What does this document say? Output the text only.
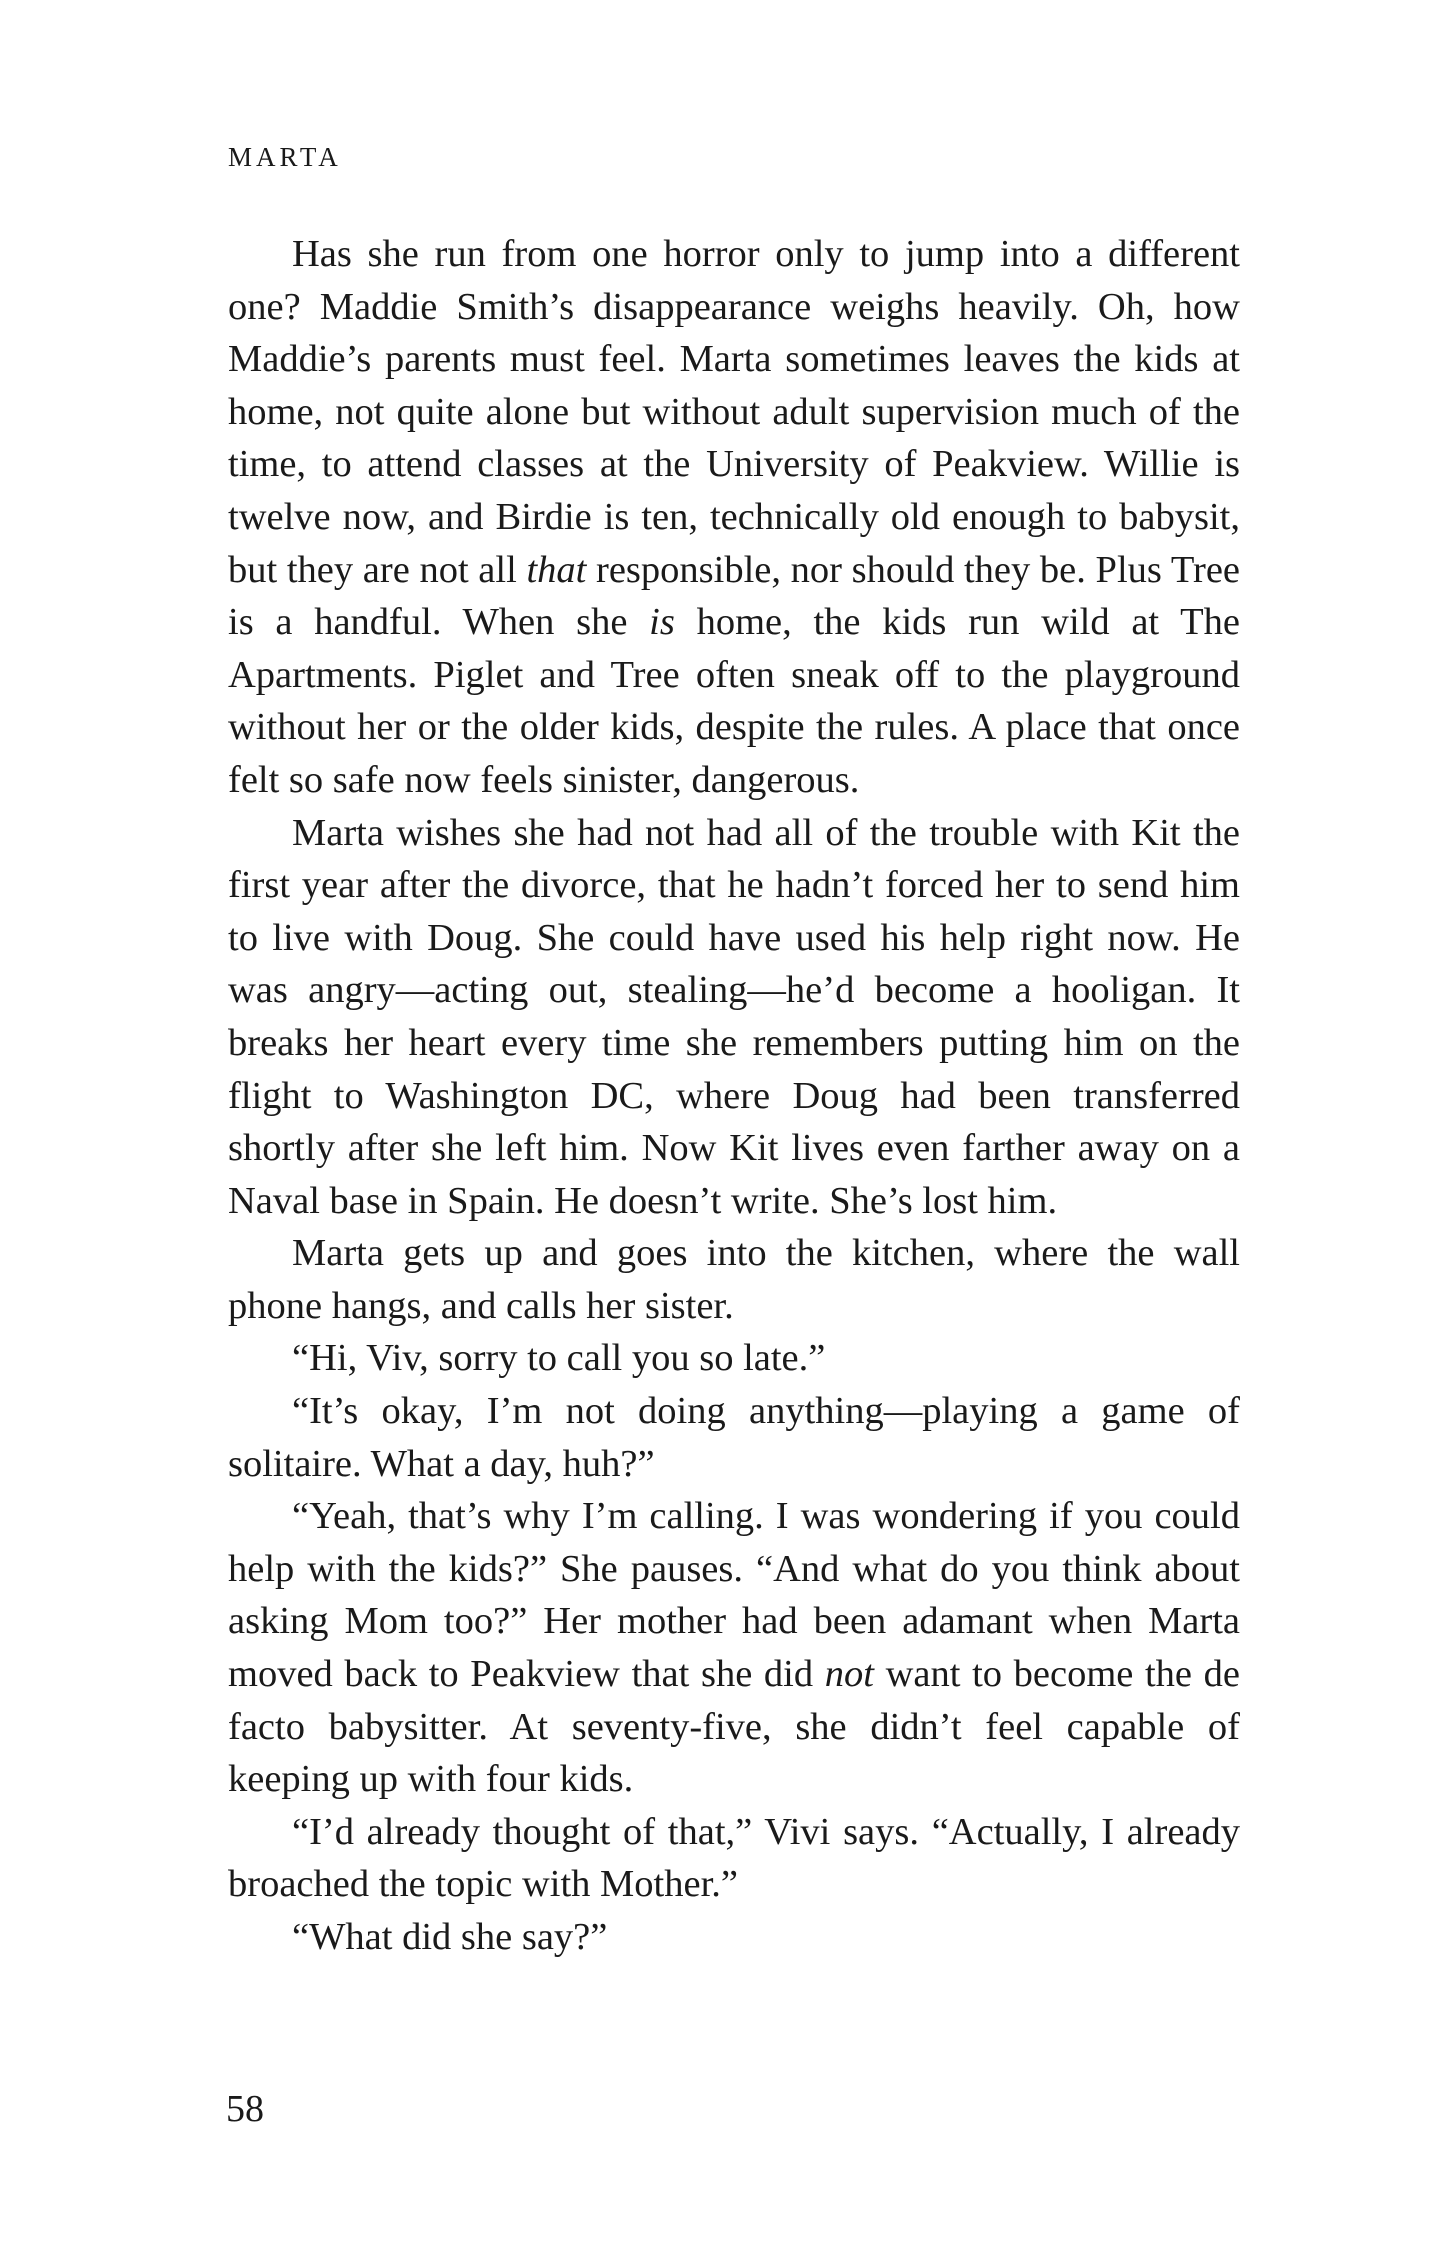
MARTA

Has she run from one horror only to jump into a different one? Maddie Smith’s disappearance weighs heavily. Oh, how Maddie’s parents must feel. Marta sometimes leaves the kids at home, not quite alone but without adult supervision much of the time, to attend classes at the University of Peakview. Willie is twelve now, and Birdie is ten, technically old enough to babysit, but they are not all that responsible, nor should they be. Plus Tree is a handful. When she is home, the kids run wild at The Apartments. Piglet and Tree often sneak off to the playground without her or the older kids, despite the rules. A place that once felt so safe now feels sinister, dangerous.

Marta wishes she had not had all of the trouble with Kit the first year after the divorce, that he hadn’t forced her to send him to live with Doug. She could have used his help right now. He was angry—acting out, stealing—he’d become a hooligan. It breaks her heart every time she remembers putting him on the flight to Washington DC, where Doug had been transferred shortly after she left him. Now Kit lives even farther away on a Naval base in Spain. He doesn’t write. She’s lost him.

Marta gets up and goes into the kitchen, where the wall phone hangs, and calls her sister.

“Hi, Viv, sorry to call you so late.”

“It’s okay, I’m not doing anything—playing a game of solitaire. What a day, huh?”

“Yeah, that’s why I’m calling. I was wondering if you could help with the kids?” She pauses. “And what do you think about asking Mom too?” Her mother had been adamant when Marta moved back to Peakview that she did not want to become the de facto babysitter. At seventy-five, she didn’t feel capable of keeping up with four kids.

“I’d already thought of that,” Vivi says. “Actually, I already broached the topic with Mother.”

“What did she say?”

58
